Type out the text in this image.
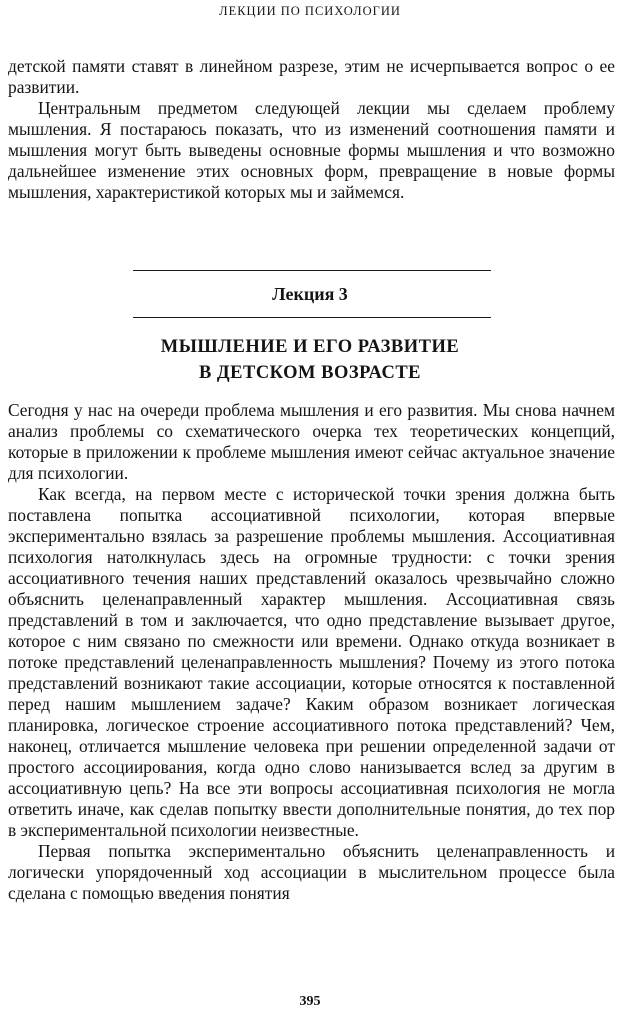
ЛЕКЦИИ ПО ПСИХОЛОГИИ

детской памяти ставят в линейном разрезе, этим не исчерпывается вопрос о ее развитии.

Центральным предметом следующей лекции мы сделаем проблему мышления. Я постараюсь показать, что из изменений соотношения памяти и мышления могут быть выведены основные формы мышления и что возможно дальнейшее изменение этих основных форм, превращение в новые формы мышления, характеристикой которых мы и займемся.

Лекция 3
МЫШЛЕНИЕ И ЕГО РАЗВИТИЕ
В ДЕТСКОМ ВОЗРАСТЕ

Сегодня у нас на очереди проблема мышления и его развития. Мы снова начнем анализ проблемы со схематического очерка тех теоретических концепций, которые в приложении к проблеме мышления имеют сейчас актуальное значение для психологии.

Как всегда, на первом месте с исторической точки зрения должна быть поставлена попытка ассоциативной психологии, которая впервые экспериментально взялась за разрешение проблемы мышления. Ассоциативная психология натолкнулась здесь на огромные трудности: с точки зрения ассоциативного течения наших представлений оказалось чрезвычайно сложно объяснить целенаправленный характер мышления. Ассоциативная связь представлений в том и заключается, что одно представление вызывает другое, которое с ним связано по смежности или времени. Однако откуда возникает в потоке представлений целенаправленность мышления? Почему из этого потока представлений возникают такие ассоциации, которые относятся к поставленной перед нашим мышлением задаче? Каким образом возникает логическая планировка, логическое строение ассоциативного потока представлений? Чем, наконец, отличается мышление человека при решении определенной задачи от простого ассоциирования, когда одно слово нанизывается вслед за другим в ассоциативную цепь? На все эти вопросы ассоциативная психология не могла ответить иначе, как сделав попытку ввести дополнительные понятия, до тех пор в экспериментальной психологии неизвестные.

Первая попытка экспериментально объяснить целенаправленность и логически упорядоченный ход ассоциации в мыслительном процессе была сделана с помощью введения понятия

395
